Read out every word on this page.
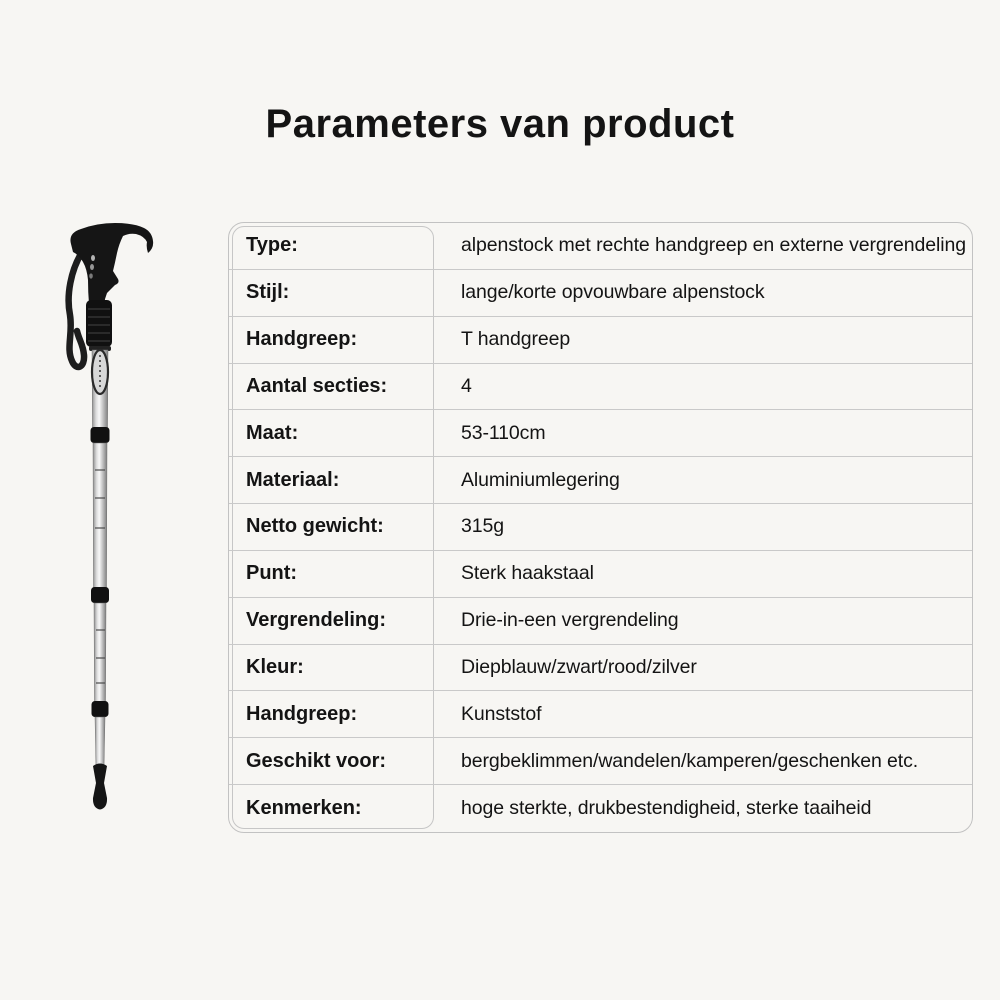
Parameters van product
Type:	alpenstock met rechte handgreep en externe vergrendeling
Stijl:	lange/korte opvouwbare alpenstock
Handgreep:	T handgreep
Aantal secties:	4
Maat:	53-110cm
Materiaal:	Aluminiumlegering
Netto gewicht:	315g
Punt:	Sterk haakstaal
Vergrendeling:	Drie-in-een vergrendeling
Kleur:	Diepblauw/zwart/rood/zilver
Handgreep:	Kunststof
Geschikt voor:	bergbeklimmen/wandelen/kamperen/geschenken etc.
Kenmerken:	hoge sterkte, drukbestendigheid, sterke taaiheid
